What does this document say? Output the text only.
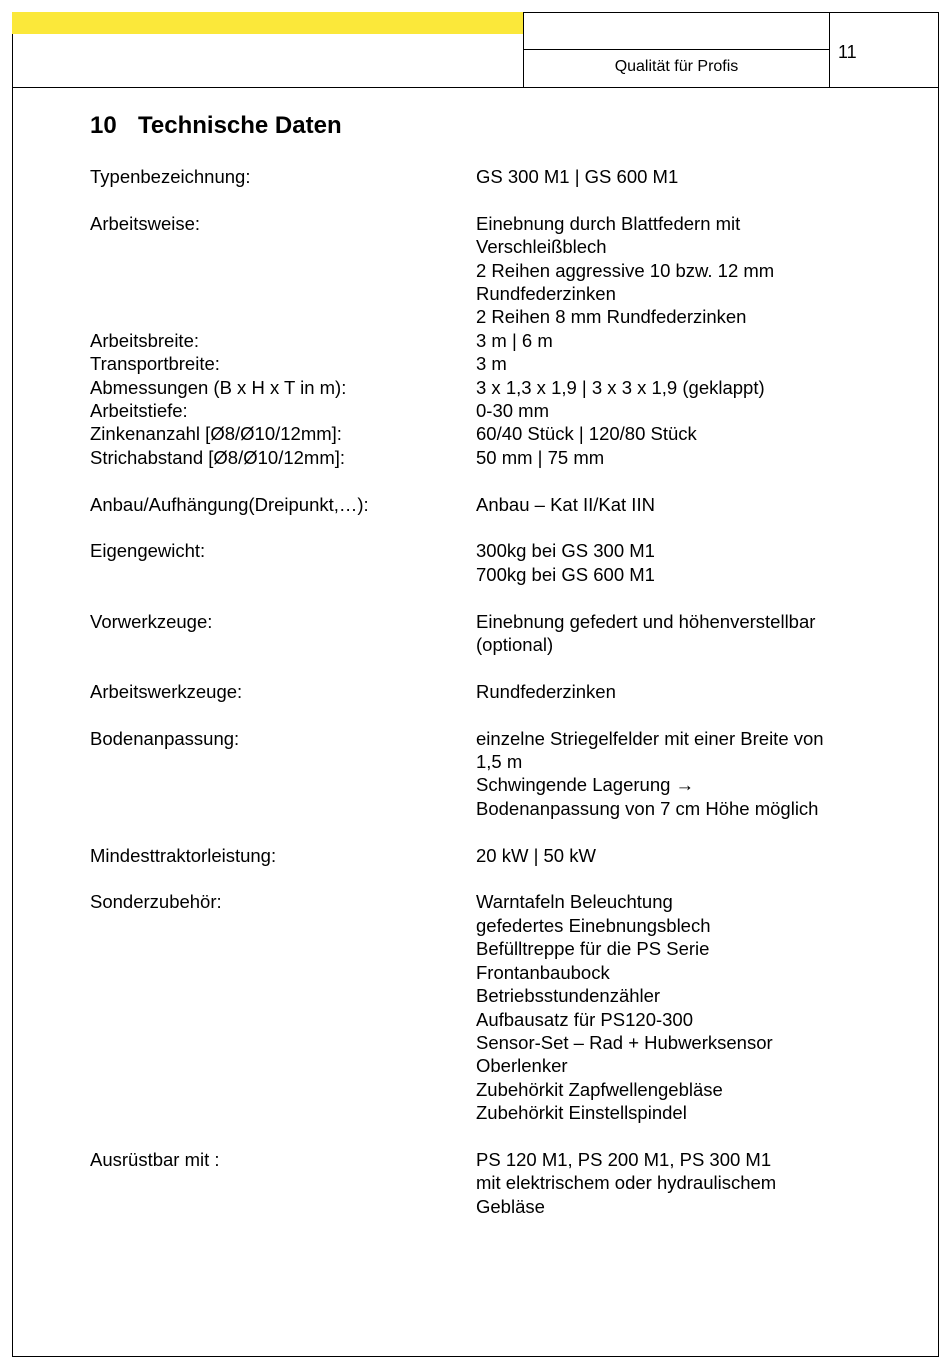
Qualität für Profis
11
10 Technische Daten
Typenbezeichnung:	GS 300 M1 | GS 600 M1
Arbeitsweise:	Einebnung durch Blattfedern mit
Verschleißblech
2 Reihen aggressive 10 bzw. 12 mm
Rundfederzinken
2 Reihen 8 mm Rundfederzinken
Arbeitsbreite:	3 m | 6 m
Transportbreite:	3 m
Abmessungen (B x H x T in m):	3 x 1,3 x 1,9 | 3 x 3 x 1,9 (geklappt)
Arbeitstiefe:	0-30 mm
Zinkenanzahl [Ø8/Ø10/12mm]:	60/40 Stück | 120/80 Stück
Strichabstand [Ø8/Ø10/12mm]:	50 mm | 75 mm
Anbau/Aufhängung(Dreipunkt,…):	Anbau – Kat II/Kat IIN
Eigengewicht:	300kg bei GS 300 M1
700kg bei GS 600 M1
Vorwerkzeuge:	Einebnung gefedert und höhenverstellbar
(optional)
Arbeitswerkzeuge:	Rundfederzinken
Bodenanpassung:	einzelne Striegelfelder mit einer Breite von
1,5 m
Schwingende Lagerung →
Bodenanpassung von 7 cm Höhe möglich
Mindesttraktorleistung:	20 kW | 50 kW
Sonderzubehör:	Warntafeln Beleuchtung
gefedertes Einebnungsblech
Befülltreppe für die PS Serie
Frontanbaubock
Betriebsstundenzähler
Aufbausatz für PS120-300
Sensor-Set – Rad + Hubwerksensor
Oberlenker
Zubehörkit Zapfwellengebläse
Zubehörkit Einstellspindel
Ausrüstbar mit :	PS 120 M1, PS 200 M1, PS 300 M1
mit elektrischem oder hydraulischem
Gebläse
